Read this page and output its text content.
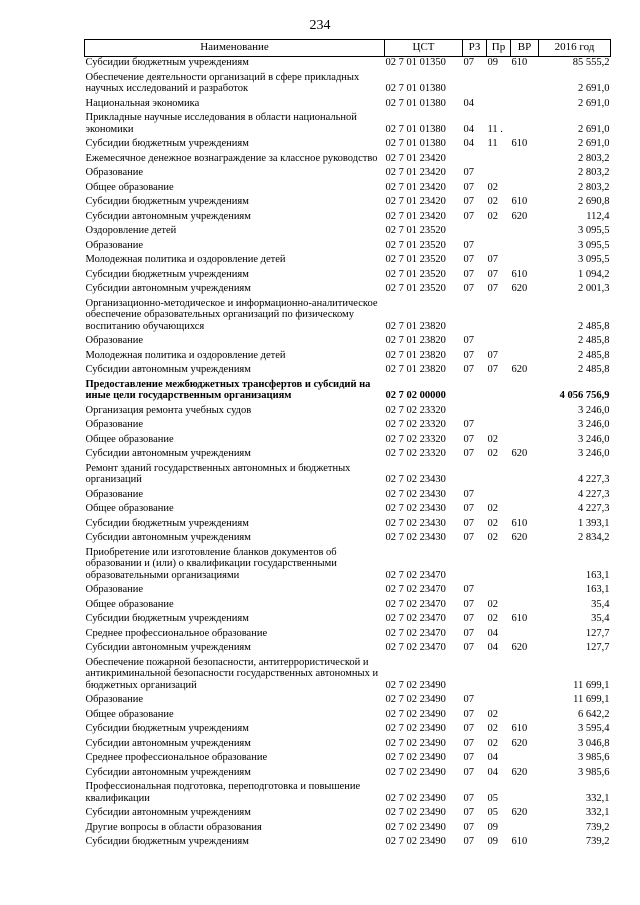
234
Наименование	ЦСТ	РЗ	Пр	ВР	2016 год
Субсидии бюджетным учреждениям	02 7 01 01350	07	09	610	85 555,2
Обеспечение деятельности организаций в сфере прикладных научных исследований и разработок	02 7 01 01380				2 691,0
Национальная экономика	02 7 01 01380	04			2 691,0
Прикладные научные исследования в области национальной экономики	02 7 01 01380	04	11 .		2 691,0
Субсидии бюджетным учреждениям	02 7 01 01380	04	11	610	2 691,0
Ежемесячное денежное вознаграждение за классное руководство	02 7 01 23420				2 803,2
Образование	02 7 01 23420	07			2 803,2
Общее образование	02 7 01 23420	07	02		2 803,2
Субсидии бюджетным учреждениям	02 7 01 23420	07	02	610	2 690,8
Субсидии автономным учреждениям	02 7 01 23420	07	02	620	112,4
Оздоровление детей	02 7 01 23520				3 095,5
Образование	02 7 01 23520	07			3 095,5
Молодежная политика и оздоровление детей	02 7 01 23520	07	07		3 095,5
Субсидии бюджетным учреждениям	02 7 01 23520	07	07	610	1 094,2
Субсидии автономным учреждениям	02 7 01 23520	07	07	620	2 001,3
Организационно-методическое и информационно-аналитическое обеспечение образовательных организаций по физическому воспитанию обучающихся	02 7 01 23820				2 485,8
Образование	02 7 01 23820	07			2 485,8
Молодежная политика и оздоровление детей	02 7 01 23820	07	07		2 485,8
Субсидии автономным учреждениям	02 7 01 23820	07	07	620	2 485,8
Предоставление межбюджетных трансфертов и субсидий на иные цели государственным организациям	02 7 02 00000				4 056 756,9
Организация ремонта учебных судов	02 7 02 23320				3 246,0
Образование	02 7 02 23320	07			3 246,0
Общее образование	02 7 02 23320	07	02		3 246,0
Субсидии автономным учреждениям	02 7 02 23320	07	02	620	3 246,0
Ремонт зданий государственных автономных и бюджетных организаций	02 7 02 23430				4 227,3
Образование	02 7 02 23430	07			4 227,3
Общее образование	02 7 02 23430	07	02		4 227,3
Субсидии бюджетным учреждениям	02 7 02 23430	07	02	610	1 393,1
Субсидии автономным учреждениям	02 7 02 23430	07	02	620	2 834,2
Приобретение или изготовление бланков документов об образовании и (или) о квалификации государственными образовательными организациями	02 7 02 23470				163,1
Образование	02 7 02 23470	07			163,1
Общее образование	02 7 02 23470	07	02		35,4
Субсидии бюджетным учреждениям	02 7 02 23470	07	02	610	35,4
Среднее профессиональное образование	02 7 02 23470	07	04		127,7
Субсидии автономным учреждениям	02 7 02 23470	07	04	620	127,7
Обеспечение пожарной безопасности, антитеррористической и антикриминальной безопасности государственных автономных и бюджетных организаций	02 7 02 23490				11 699,1
Образование	02 7 02 23490	07			11 699,1
Общее образование	02 7 02 23490	07	02		6 642,2
Субсидии бюджетным учреждениям	02 7 02 23490	07	02	610	3 595,4
Субсидии автономным учреждениям	02 7 02 23490	07	02	620	3 046,8
Среднее профессиональное образование	02 7 02 23490	07	04		3 985,6
Субсидии автономным учреждениям	02 7 02 23490	07	04	620	3 985,6
Профессиональная подготовка, переподготовка и повышение квалификации	02 7 02 23490	07	05		332,1
Субсидии автономным учреждениям	02 7 02 23490	07	05	620	332,1
Другие вопросы в области образования	02 7 02 23490	07	09		739,2
Субсидии бюджетным учреждениям	02 7 02 23490	07	09	610	739,2
